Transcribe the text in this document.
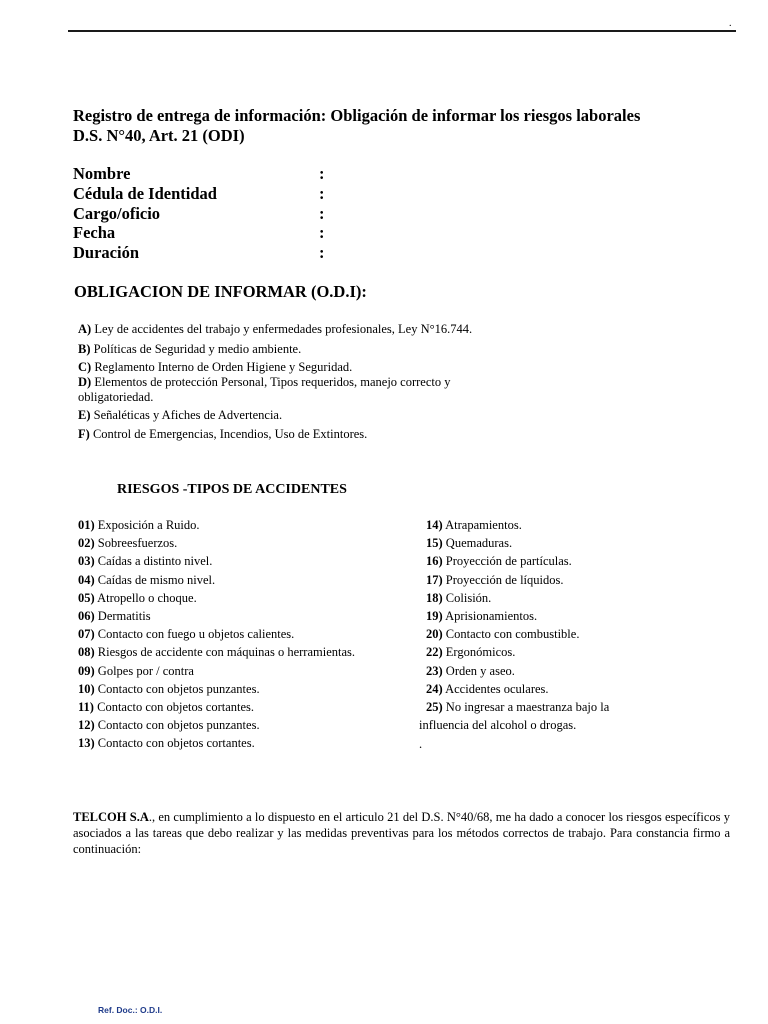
.
Registro de entrega de información: Obligación de informar los riesgos laborales
D.S. N°40, Art. 21 (ODI)
Nombre	:
Cédula de Identidad	:
Cargo/oficio	:
Fecha	:
Duración	:
OBLIGACION DE INFORMAR (O.D.I):
A) Ley de accidentes del trabajo y enfermedades profesionales, Ley N°16.744.
B) Políticas de Seguridad y medio ambiente.
C) Reglamento Interno de Orden Higiene y Seguridad.
D) Elementos de protección Personal, Tipos requeridos, manejo correcto y obligatoriedad.
E) Señaléticas y Afiches de Advertencia.
F) Control de Emergencias, Incendios, Uso de Extintores.
RIESGOS -TIPOS DE ACCIDENTES
01) Exposición a Ruido.
02) Sobreesfuerzos.
03) Caídas a distinto nivel.
04) Caídas de mismo nivel.
05) Atropello o choque.
06) Dermatitis
07) Contacto con fuego u objetos calientes.
08) Riesgos de accidente con máquinas o herramientas.
09) Golpes por / contra
10) Contacto con objetos punzantes.
11) Contacto con objetos cortantes.
12) Contacto con objetos punzantes.
13) Contacto con objetos cortantes.
14) Atrapamientos.
15) Quemaduras.
16) Proyección de partículas.
17) Proyección de líquidos.
18) Colisión.
19) Aprisionamientos.
20) Contacto con combustible.
22) Ergonómicos.
23) Orden y aseo.
24) Accidentes oculares.
25) No ingresar a maestranza bajo la
influencia del alcohol o drogas.
.
TELCOH S.A., en cumplimiento a lo dispuesto en el articulo 21 del D.S. N°40/68, me ha dado a conocer los riesgos específicos y asociados a las tareas que debo realizar y las medidas preventivas para los métodos correctos de trabajo. Para constancia firmo a continuación:
Ref. Doc.: O.D.I.
